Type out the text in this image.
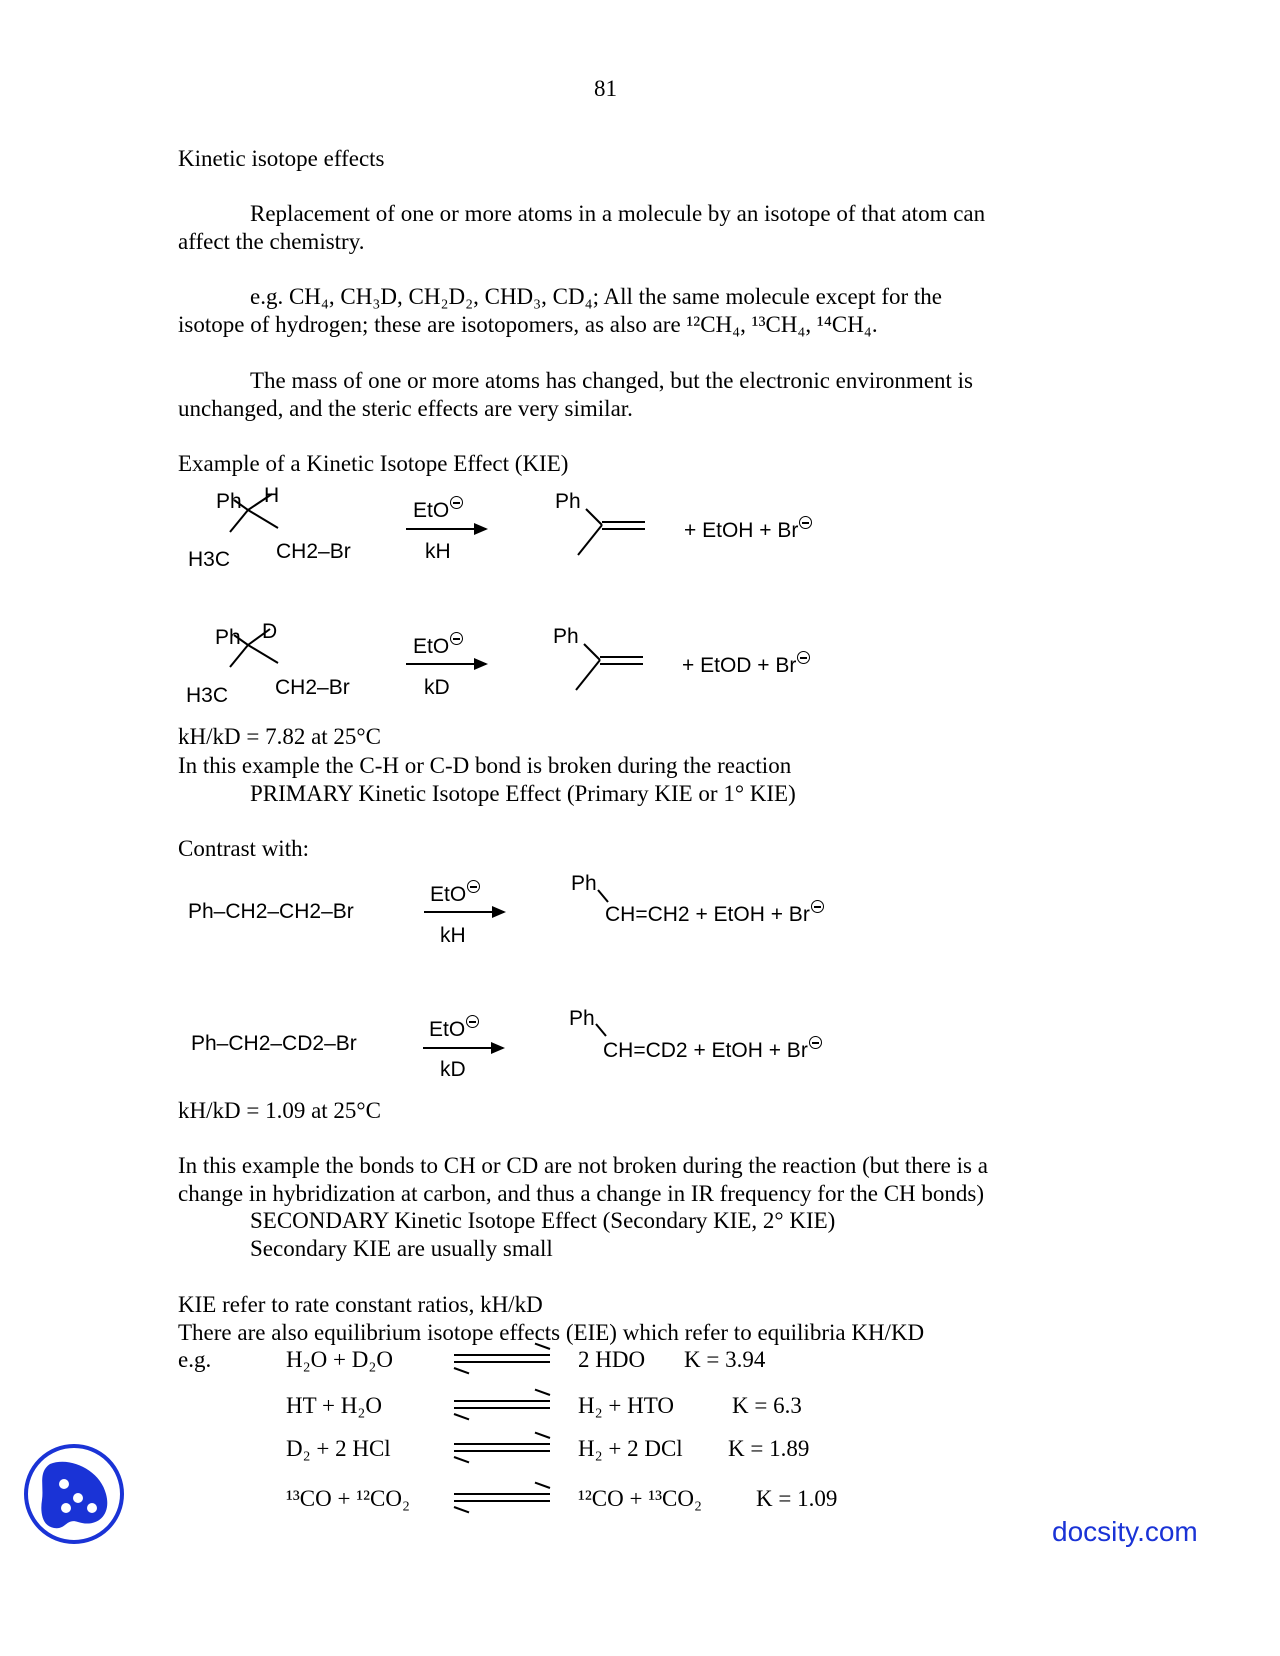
81
Kinetic isotope effects
Replacement of one or more atoms in a molecule by an isotope of that atom can
affect the chemistry.
e.g. CH₄, CH₃D, CH₂D₂, CHD₃, CD₄; All the same molecule except for the
isotope of hydrogen; these are isotopomers, as also are ¹²CH₄, ¹³CH₄, ¹⁴CH₄.
The mass of one or more atoms has changed, but the electronic environment is
unchanged, and the steric effects are very similar.
Example of a Kinetic Isotope Effect (KIE)
Ph H
H3C CH2–Br
EtO
kH
Ph
+ EtOH + Br
Ph D
H3C CH2–Br
EtO
kD
Ph
+ EtOD + Br
kH/kD = 7.82 at 25°C
In this example the C-H or C-D bond is broken during the reaction
PRIMARY Kinetic Isotope Effect (Primary KIE or 1° KIE)
Contrast with:
Ph–CH2–CH2–Br
EtO
kH
Ph
CH=CH2 + EtOH + Br
Ph–CH2–CD2–Br
EtO
kD
Ph
CH=CD2 + EtOH + Br
kH/kD = 1.09 at 25°C
In this example the bonds to CH or CD are not broken during the reaction (but there is a
change in hybridization at carbon, and thus a change in IR frequency for the CH bonds)
SECONDARY Kinetic Isotope Effect (Secondary KIE, 2° KIE)
Secondary KIE are usually small
KIE refer to rate constant ratios, kH/kD
There are also equilibrium isotope effects (EIE) which refer to equilibria KH/KD
e.g.	H₂O + D₂O	2 HDO K = 3.94
HT + H₂O	H₂ + HTO	K = 6.3
D₂ + 2 HCl	H₂ + 2 DCl K = 1.89
¹³CO + ¹²CO₂	¹²CO + ¹³CO₂ K = 1.09
docsity.com
